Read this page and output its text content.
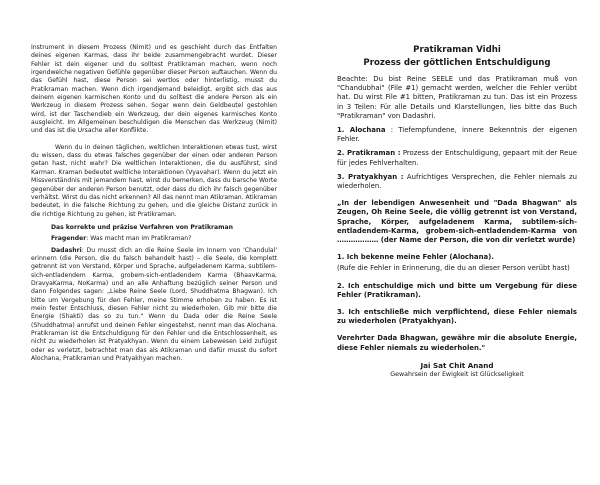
Instrument in diesem Prozess (Nimit) und es geschieht durch das Entfalten deines eigenen Karmas, dass ihr beide zusammengebracht wurdet. Dieser Fehler ist dein eigener und du solltest Pratikraman machen, wenn noch irgendwelche negativen Gefühle gegenüber dieser Person auftauchen. Wenn du das Gefühl hast, diese Person sei wertlos oder hinterlistig, musst du Pratikraman machen. Wenn dich irgendjemand beleidigt, ergibt sich das aus deinem eigenen karmischen Konto und du solltest die andere Person als ein Werkzeug in diesem Prozess sehen. Sogar wenn dein Geldbeutel gestohlen wird, ist der Taschendieb ein Werkzeug, der dein eigenes karmisches Konto ausgleicht. Im Allgemeinen beschuldigen die Menschen das Werkzeug (Nimit) und das ist die Ursache aller Konflikte.

Wenn du in deinen täglichen, weltlichen Interaktionen etwas tust, wirst du wissen, dass du etwas falsches gegenüber der einen oder anderen Person getan hast, nicht wahr? Die weltlichen Interaktionen, die du ausführst, sind Karman. Kraman bedeutet weltliche Interaktionen (Vyavahar). Wenn du jetzt ein Missverständnis mit jemandem hast, wirst du bemerken, dass du barsche Worte gegenüber der anderen Person benutzt, oder dass du dich ihr falsch gegenüber verhältst. Wirst du das nicht erkennen? All das nennt man Atikraman. Atikraman bedeutet, in die falsche Richtung zu gehen, und die gleiche Distanz zurück in die richtige Richtung zu gehen, ist Pratikraman.

Das korrekte und präzise Verfahren von Pratikraman

Fragender: Was macht man im Pratikraman?

Dadashri: Du musst dich an die Reine Seele im Innern von 'Chandulal' erinnern (die Person, die du falsch behandelt hast) – die Seele, die komplett getrennt ist von Verstand, Körper und Sprache, aufgeladenem Karma, subtilem-sich-entladendem Karma, grobem-sich-entladendem Karma (BhaavKarma, DravyaKarma, NoKarma) und an alle Anhaftung bezüglich seiner Person und dann Folgendes sagen: „Liebe Reine Seele (Lord, Shuddhatma Bhagwan). Ich bitte um Vergebung für den Fehler, meine Stimme erhoben zu haben. Es ist mein fester Entschluss, diesen Fehler nicht zu wiederholen. Gib mir bitte die Energie (Shakti) das so zu tun." Wenn du Dada oder die Reine Seele (Shuddhatma) anrufst und deinen Fehler eingestehst, nennt man das Alochana. Pratikraman ist die Entschuldigung für den Fehler und die Entschlossenheit, es nicht zu wiederholen ist Pratyakhyan. Wenn du einem Lebewesen Leid zufügst oder es verletzt, betrachtet man das als Atikraman und dafür musst du sofort Alochana, Pratikraman und Pratyakhyan machen.

Pratikraman Vidhi
Prozess der göttlichen Entschuldigung

Beachte: Du bist Reine SEELE und das Pratikraman muß von "Chandubhai" (File #1) gemacht werden, welcher die Fehler verübt hat. Du wirst File #1 bitten, Pratikraman zu tun. Das ist ein Prozess in 3 Teilen: Für alle Details und Klarstellungen, lies bitte das Buch "Pratikraman" von Dadashri.

1. Alochana : Tiefempfundene, innere Bekenntnis der eigenen Fehler.

2. Pratikraman : Prozess der Entschuldigung, gepaart mit der Reue für jedes Fehlverhalten.

3. Pratyakhyan : Aufrichtiges Versprechen, die Fehler niemals zu wiederholen.

„In der lebendigen Anwesenheit und "Dada Bhagwan" als Zeugen, Oh Reine Seele, die völlig getrennt ist von Verstand, Sprache, Körper, aufgeladenem Karma, subtilem-sich-entladendem-Karma, grobem-sich-entladendem-Karma von ……………… (der Name der Person, die von dir verletzt wurde)

1. Ich bekenne meine Fehler (Alochana).

(Rufe die Fehler in Erinnerung, die du an dieser Person verübt hast)

2. Ich entschuldige mich und bitte um Vergebung für diese Fehler (Pratikraman).

3. Ich entschließe mich verpflichtend, diese Fehler niemals zu wiederholen (Pratyakhyan).

Verehrter Dada Bhagwan, gewähre mir die absolute Energie, diese Fehler niemals zu wiederholen."

Jai Sat Chit Anand
Gewahrsein der Ewigkeit ist Glückseligkeit
